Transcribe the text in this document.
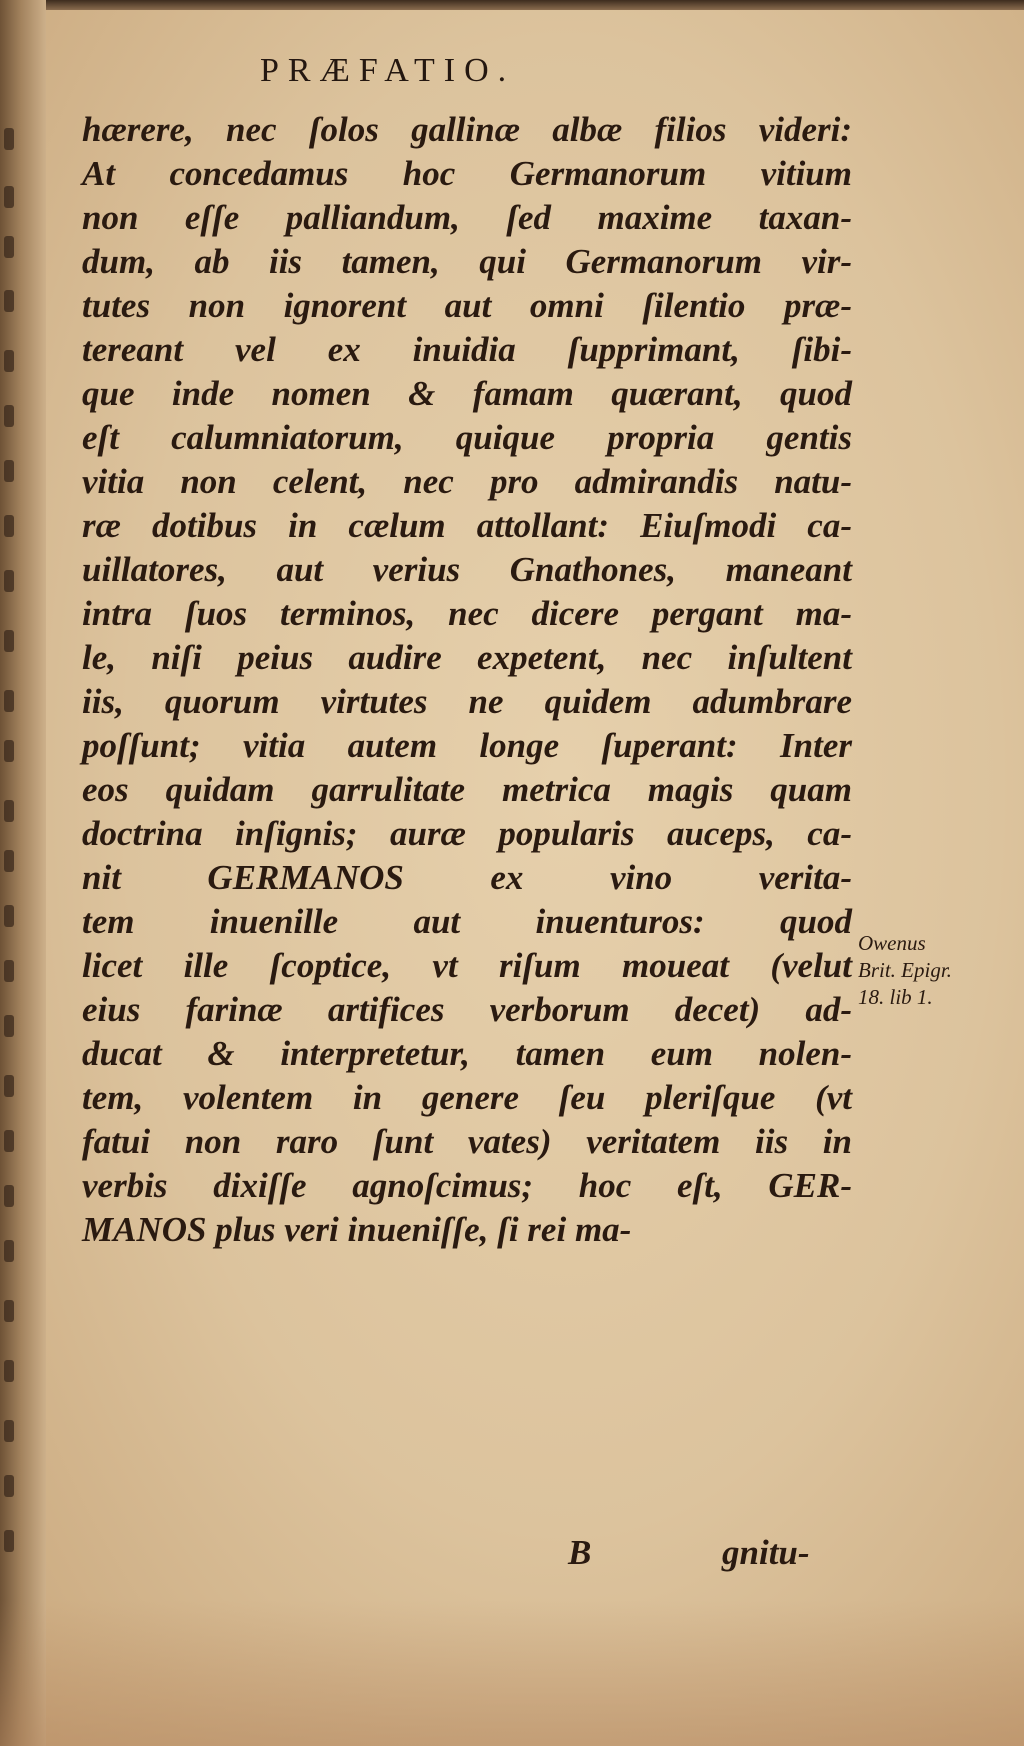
PRÆFATIO.
hærere, nec ſolos gallinæ albæ filios videri:
At concedamus hoc Germanorum vitium
non eſſe palliandum, ſed maxime taxan-
dum, ab iis tamen, qui Germanorum vir-
tutes non ignorent aut omni ſilentio præ-
tereant vel ex inuidia ſupprimant, ſibi-
que inde nomen & famam quærant, quod
eſt calumniatorum, quique propria gentis
vitia non celent, nec pro admirandis natu-
ræ dotibus in cælum attollant: Eiuſmodi ca-
uillatores, aut verius Gnathones, maneant
intra ſuos terminos, nec dicere pergant ma-
le, niſi peius audire expetent, nec inſultent
iis, quorum virtutes ne quidem adumbrare
poſſunt; vitia autem longe ſuperant: Inter
eos quidam garrulitate metrica magis quam
doctrina inſignis; auræ popularis auceps, ca-
nit GERMANOS ex vino verita-
tem inuenille aut inuenturos: quod
licet ille ſcoptice, vt riſum moueat (velut
eius farinæ artifices verborum decet) ad-
ducat & interpretetur, tamen eum nolen-
tem, volentem in genere ſeu pleriſque (vt
fatui non raro ſunt vates) veritatem iis in
verbis dixiſſe agnoſcimus; hoc eſt, GER-
MANOS plus veri inueniſſe, ſi rei ma-
B	gnitu-
Owenus
Brit. Epigr.
18. lib 1.
